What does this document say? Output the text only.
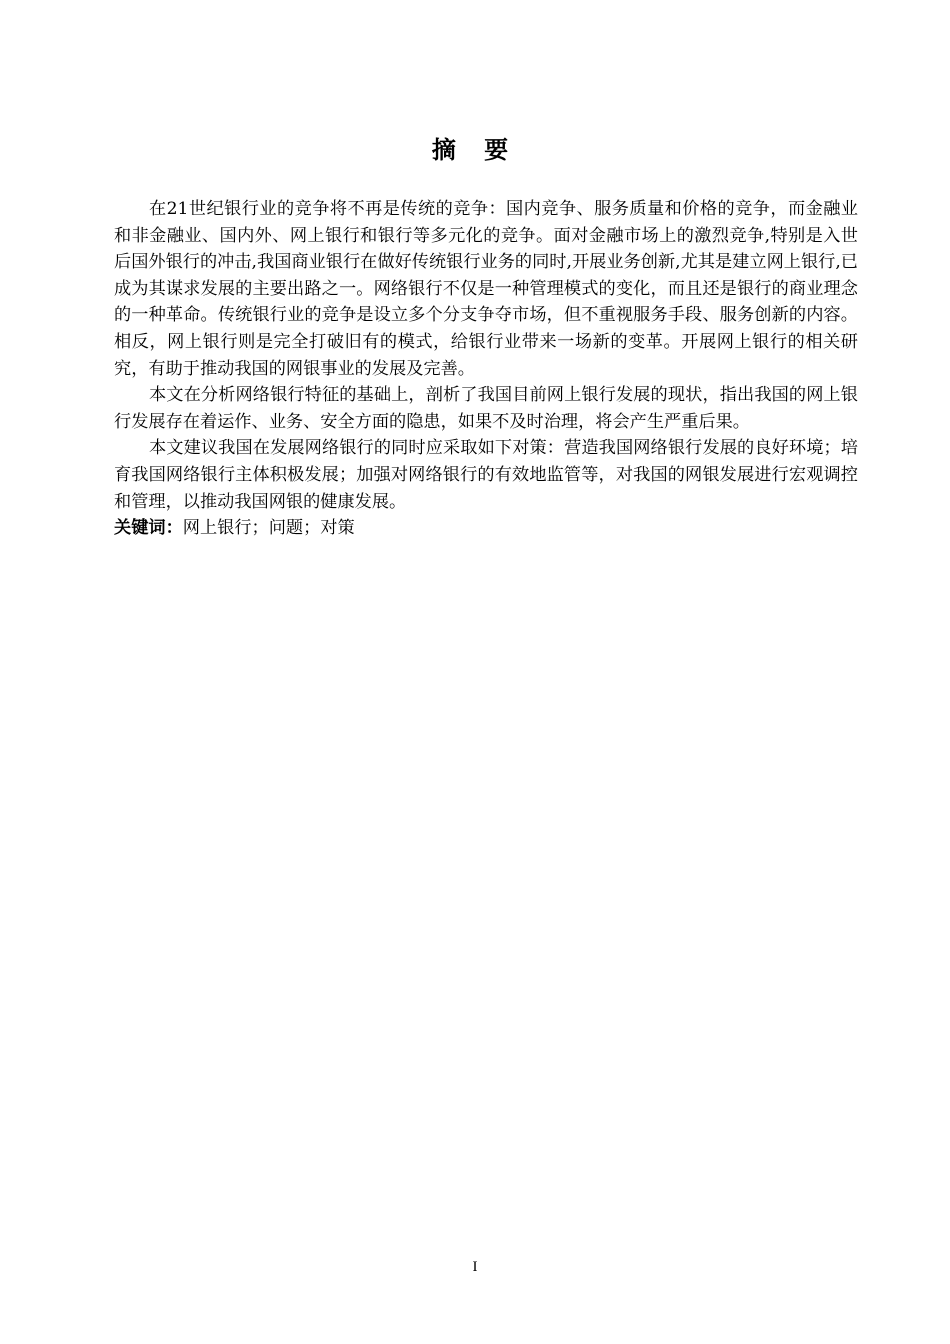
摘 要

在21世纪银行业的竞争将不再是传统的竞争：国内竞争、服务质量和价格的竞争，而金融业和非金融业、国内外、网上银行和银行等多元化的竞争。面对金融市场上的激烈竞争,特别是入世后国外银行的冲击,我国商业银行在做好传统银行业务的同时,开展业务创新,尤其是建立网上银行,已成为其谋求发展的主要出路之一。网络银行不仅是一种管理模式的变化，而且还是银行的商业理念的一种革命。传统银行业的竞争是设立多个分支争夺市场，但不重视服务手段、服务创新的内容。相反，网上银行则是完全打破旧有的模式，给银行业带来一场新的变革。开展网上银行的相关研究，有助于推动我国的网银事业的发展及完善。

本文在分析网络银行特征的基础上，剖析了我国目前网上银行发展的现状，指出我国的网上银行发展存在着运作、业务、安全方面的隐患，如果不及时治理，将会产生严重后果。

本文建议我国在发展网络银行的同时应采取如下对策：营造我国网络银行发展的良好环境；培育我国网络银行主体积极发展；加强对网络银行的有效地监管等，对我国的网银发展进行宏观调控和管理，以推动我国网银的健康发展。

关键词：网上银行；问题；对策

I
